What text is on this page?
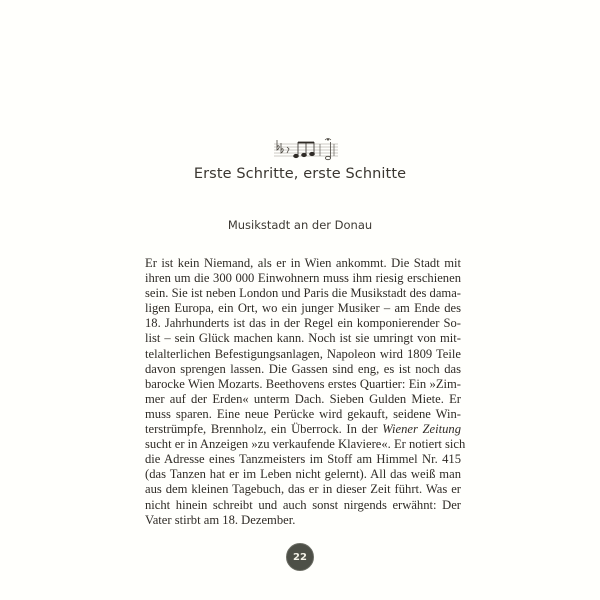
Erste Schritte, erste Schnitte
Musikstadt an der Donau
Er ist kein Niemand, als er in Wien ankommt. Die Stadt mit
ihren um die 300 000 Einwohnern muss ihm riesig erschienen
sein. Sie ist neben London und Paris die Musikstadt des dama-
ligen Europa, ein Ort, wo ein junger Musiker – am Ende des
18. Jahrhunderts ist das in der Regel ein komponierender So-
list – sein Glück machen kann. Noch ist sie umringt von mit-
telalterlichen Befestigungsanlagen, Napoleon wird 1809 Teile
davon sprengen lassen. Die Gassen sind eng, es ist noch das
barocke Wien Mozarts. Beethovens erstes Quartier: Ein »Zim-
mer auf der Erden« unterm Dach. Sieben Gulden Miete. Er
muss sparen. Eine neue Perücke wird gekauft, seidene Win-
terstrümpfe, Brennholz, ein Überrock. In der Wiener Zeitung
sucht er in Anzeigen »zu verkaufende Klaviere«. Er notiert sich
die Adresse eines Tanzmeisters im Stoff am Himmel Nr. 415
(das Tanzen hat er im Leben nicht gelernt). All das weiß man
aus dem kleinen Tagebuch, das er in dieser Zeit führt. Was er
nicht hinein schreibt und auch sonst nirgends erwähnt: Der
Vater stirbt am 18. Dezember.
22
